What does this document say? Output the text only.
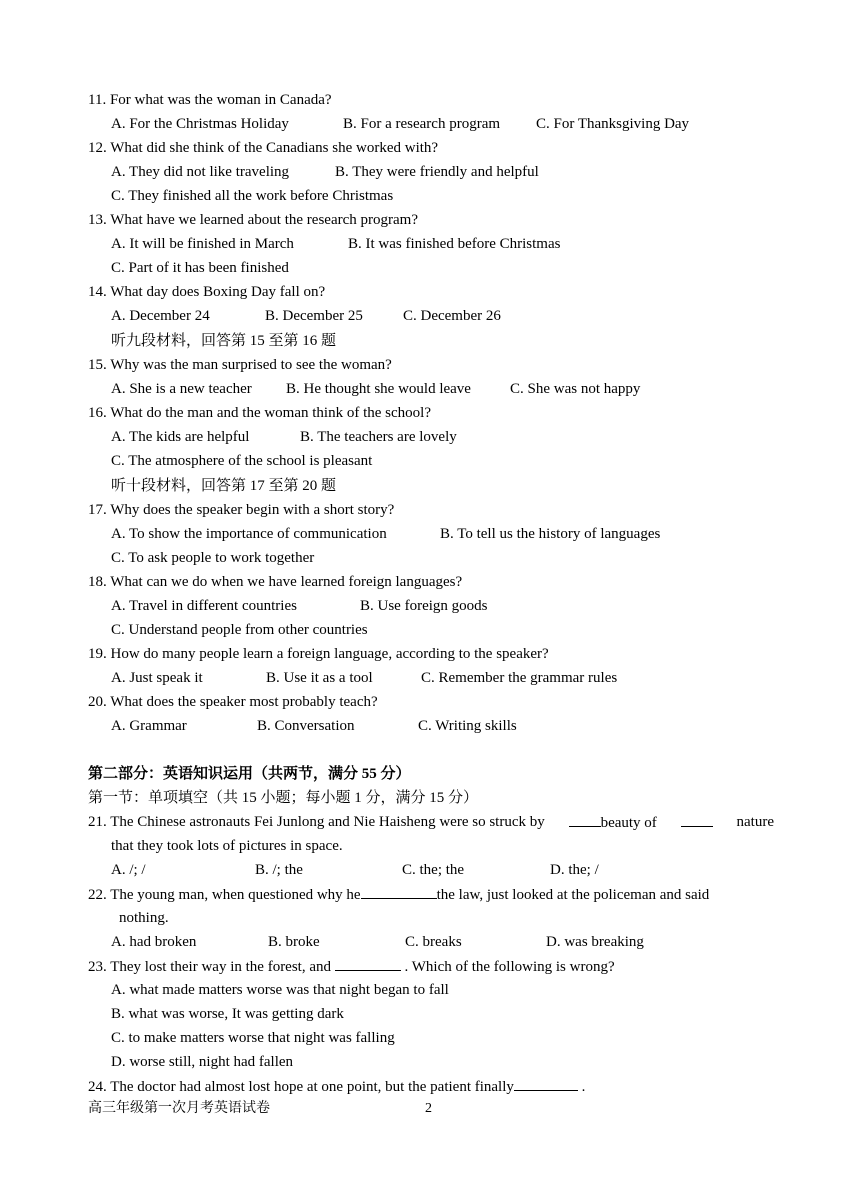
11. For what was the woman in Canada?
A. For the Christmas Holiday	B. For a research program C. For Thanksgiving Day
12. What did she think of the Canadians she worked with?
A. They did not like traveling	B. They were friendly and helpful
C. They finished all the work before Christmas
13. What have we learned about the research program?
A. It will be finished in March	B. It was finished before Christmas
C. Part of it has been finished
14. What day does Boxing Day fall on?
A. December 24	B. December 25	C. December 26
听九段材料，回答第 15 至第 16 题
15. Why was the man surprised to see the woman?
A. She is a new teacher B. He thought she would leave	C. She was not happy
16. What do the man and the woman think of the school?
A. The kids are helpful	B. The teachers are lovely
C. The atmosphere of the school is pleasant
听十段材料，回答第 17 至第 20 题
17. Why does the speaker begin with a short story?
A. To show the importance of communication	B. To tell us the history of languages
C. To ask people to work together
18. What can we do when we have learned foreign languages?
A. Travel in different countries	B. Use foreign goods
C. Understand people from other countries
19. How do many people learn a foreign language, according to the speaker?
A. Just speak it	B. Use it as a tool	C. Remember the grammar rules
20. What does the speaker most probably teach?
A. Grammar	B. Conversation	C. Writing skills
第二部分：英语知识运用（共两节，满分 55 分）
第一节：单项填空（共 15 小题；每小题 1 分，满分 15 分）
21. The Chinese astronauts Fei Junlong and Nie Haisheng were so struck by	beauty of	nature
that they took lots of pictures in space.
A. /; /	B. /; the	C. the; the	D. the; /
22. The young man, when questioned why he	the law, just looked at the policeman and said
nothing.
A. had broken	B. broke	C. breaks	D. was breaking
23. They lost their way in the forest, and	. Which of the following is wrong?
A. what made matters worse was that night began to fall
B. what was worse, It was getting dark
C. to make matters worse that night was falling
D. worse still, night had fallen
24. The doctor had almost lost hope at one point, but the patient finally	.
高三年级第一次月考英语试卷	2
